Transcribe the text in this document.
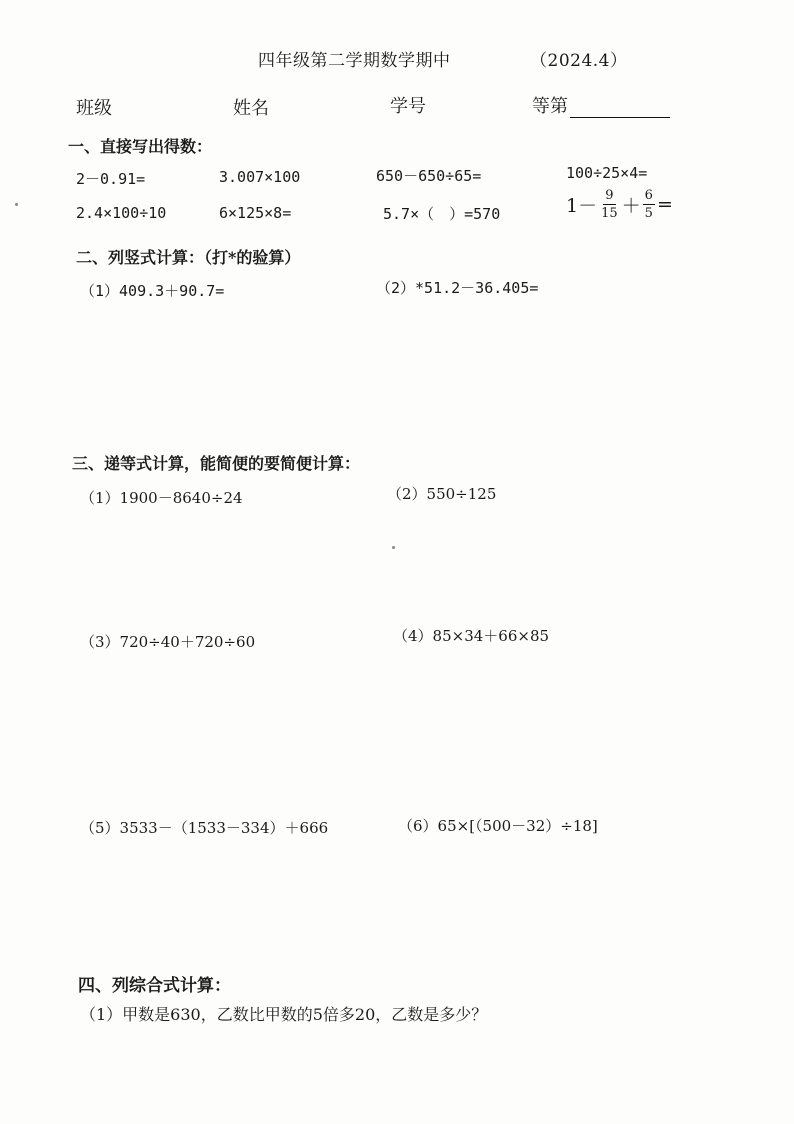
四年级第二学期数学期中	（2024.4）
班级	姓名	学号	等第
一、直接写出得数：
2－0.91=	3.007×100	650－650÷65=	100÷25×4=
2.4×100÷10	6×125×8=	5.7×（　）=570	$1- \frac{9}{15} + \frac{6}{5}$ =
二、列竖式计算：（打*的验算）
（1）409.3＋90.7=	（2）*51.2－36.405=
三、递等式计算，能简便的要简便计算：
（1）1900－8640÷24	（2）550÷125
（3）720÷40＋720÷60	（4）85×34＋66×85
（5）3533－（1533－334）＋666	（6）65×[（500－32）÷18]
四、列综合式计算：
（1）甲数是630，乙数比甲数的5倍多20，乙数是多少？
